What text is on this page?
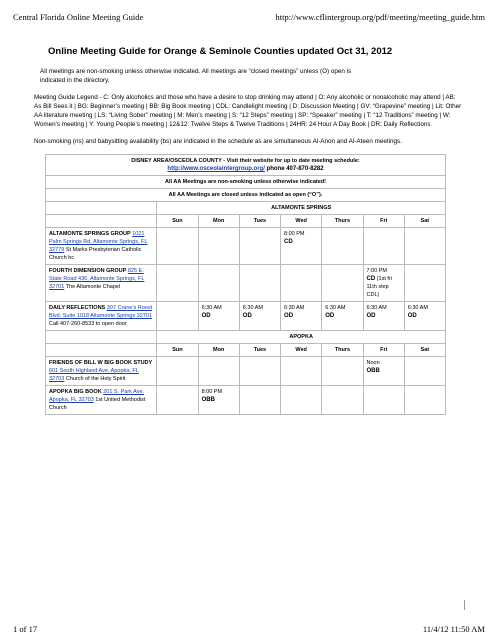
Central Florida Online Meeting Guide	http://www.cflintergroup.org/pdf/meeting/meeting_guide.htm
Online Meeting Guide for Orange & Seminole Counties updated Oct 31, 2012
All meetings are non-smoking unless otherwise indicated. All meetings are “closed meetings” unless (O) open is
indicated in the directory.
Meeting Guide Legend - C: Only alcoholics and those who have a desire to stop drinking may attend | O: Any alcoholic or nonalcoholic may attend | AB: As Bill Sees it | BG: Beginner’s meeting | BB: Big Book meeting | CDL: Candlelight meeting | D: Discussion Meeting | GV: “Grapevine” meeting | Lit: Other AA literature meeting | LS: “Living Sober” meeting | M: Men’s meeting | S: “12 Steps” meeting | SP: “Speaker” meeting | T: “12 Traditions” meeting | W: Women’s meeting | Y: Young People’s meeting | 12&12: Twelve Steps & Twelve Traditions | 24HR: 24 Hour A Day Book | DR: Daily Reflections
Non-smoking (ns) and babysitting availability (bs) are indicated in the schedule as are simultaneous Al-Anon and Al-Ateen meetings.
DISNEY AREA/OSCEOLA COUNTY - Visit their website for up to date meeting schedule:
http://www.osceolaintergroup.org/ phone 407-870-8282							

All AA Meetings are non-smoking unless otherwise indicated!							
All AA Meetings are closed unless indicated as open (“O”).							
	ALTAMONTE SPRINGS						
	Sun	Mon	Tues	Wed	Thurs	Fri	Sat
ALTAMONTE SPRINGS GROUP 1021 Palm Springs Rd, Altamonte Springs, FL 32779 St Marks Presbyterian Catholic Church hc				8:00 PM
CD			
FOURTH DIMENSION GROUP 825 E. State Road 436, Altamonte Springs, FL 32701 The Altamonte Chapel						7:00 PM
CD (1st fri 11th step CDL)	
DAILY REFLECTIONS 307 Crane's Roost Blvd. Suite 1018 Altamonte Springs 32701 Call 407-260-8533 to open door		6:30 AM
OD	6:30 AM
OD	6:30 AM
OD	6:30 AM
OD	6:30 AM
OD	6:30 AM
OD
	APOPKA						
	Sun	Mon	Tues	Wed	Thurs	Fri	Sat
FRIENDS OF BILL W BIG BOOK STUDY 601 South Highland Ave. Apopka, FL 32703 Church of the Holy Spirit						Noon
OBB	
APOPKA BIG BOOK 201 S. Park Ave. Apopka, FL 32703 1st United Methodist Church		8:00 PM
OBB					
1 of 17	11/4/12 11:50 AM
